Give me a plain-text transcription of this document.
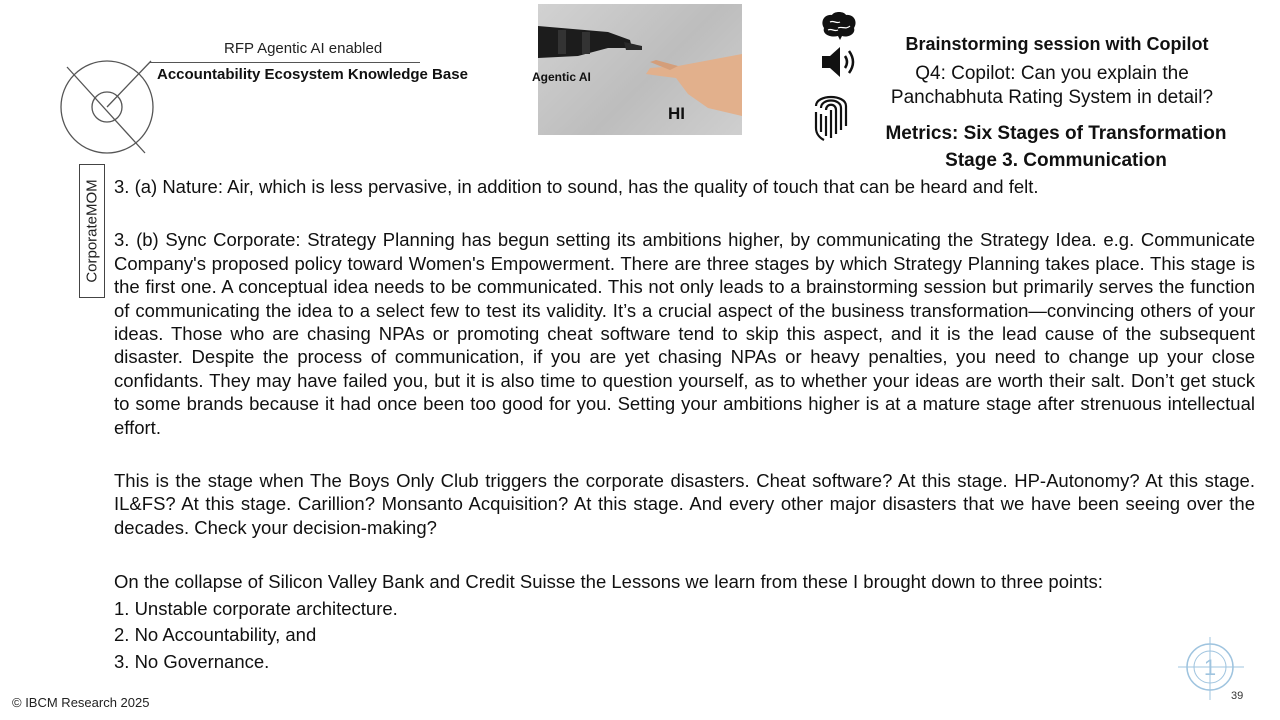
RFP Agentic AI enabled
Accountability Ecosystem Knowledge Base
CorporateMOM
Agentic AI
HI
Brainstorming session with Copilot
Q4: Copilot: Can you explain the Panchabhuta Rating System in detail?
Metrics: Six Stages of Transformation
Stage 3. Communication

3. (a) Nature: Air, which is less pervasive, in addition to sound, has the quality of touch that can be heard and felt.

3. (b) Sync Corporate: Strategy Planning has begun setting its ambitions higher, by communicating the Strategy Idea. e.g. Communicate Company's proposed policy toward Women's Empowerment. There are three stages by which Strategy Planning takes place. This stage is the first one. A conceptual idea needs to be communicated. This not only leads to a brainstorming session but primarily serves the function of communicating the idea to a select few to test its validity. It’s a crucial aspect of the business transformation—convincing others of your ideas. Those who are chasing NPAs or promoting cheat software tend to skip this aspect, and it is the lead cause of the subsequent disaster. Despite the process of communication, if you are yet chasing NPAs or heavy penalties, you need to change up your close confidants. They may have failed you, but it is also time to question yourself, as to whether your ideas are worth their salt. Don’t get stuck to some brands because it had once been too good for you. Setting your ambitions higher is at a mature stage after strenuous intellectual effort.

This is the stage when The Boys Only Club triggers the corporate disasters. Cheat software? At this stage. HP-Autonomy? At this stage. IL&FS? At this stage. Carillion? Monsanto Acquisition? At this stage. And every other major disasters that we have been seeing over the decades. Check your decision-making?

On the collapse of Silicon Valley Bank and Credit Suisse the Lessons we learn from these I brought down to three points:

1. Unstable corporate architecture.

2. No Accountability, and

3. No Governance.

© IBCM Research 2025
1
39
